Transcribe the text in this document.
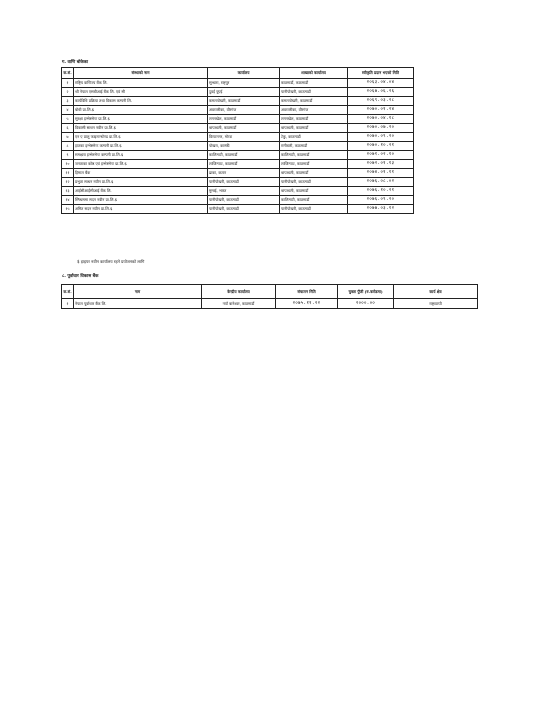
ग. वाणि बोकेका
क.सं.	संस्थाको नाम	कार्यालय	शाखाको कार्यालय	स्वीकृति प्रदान भएको मिति
१	राष्ट्रिय वाणिज्य बैंक लि.	सुन्धारा, राष्ट्रपुर	काठमाडौं, काठमाडौं	२०६३.०४.०४
२	श्री नेपाल एसबीआई बैंक लि. एवं सी	दुवई युएई	पानीपोखरी, काठमाडौं	२०६७.०६.२६
३	कार्यविधि प्रक्रिया तथा विकास कम्पनी लि.	कमलपोखरी, काठमाडौं	कमलपोखरी, काठमाडौं	२०६९.०३.२८
४	बोधी प्रा.लि.$	अवरतरीका, वीरगंज	अवरतरीका, वीरगंज	२०७०.०१.२४
५	सुरक्षा इन्भेष्टमेन्ट प्रा.लि.$	लगनखेल, काठमाडौं	लगनखेल, काठमाडौं	२०७०.०४.१८
६	विकासी साधन नवीन प्रा.लि.$	थापाथली, काठमाडौं	थापाथली, काठमाडौं	२०७०.०७.२०
७	एन ए प्रालु फाइनान्स्टेण्ड प्रा.लि.$	विराटनगर, मोरङ	टेकु, काठमाडौं	२०७०.०९.२०
८	हातका इन्भेष्टमेन्ट कम्पनी प्रा.लि.$	पोखरा, कास्की	रानीबारी, काठमाडौं	२०७०.१०.२१
९	समक्षता इन्भेष्टमेन्ट कम्पनी प्रा.लि.$	कालिमाटी, काठमाडौं	कालिमाटी, काठमाडौं	२०७१.०२.१०
१०	जनताका कोष्ठ एवं इन्भेष्टमेन्ट प्रा.लि.$	लाजिम्पाट, काठमाडौं	लाजिम्पाट, काठमाडौं	२०७२.०१.१३
११	हिमाल बैंक	ढाका, कतार	थापाथली, काठमाडौं	२०७४.०१.११
१२	प्रभुता साधन नवीन प्रा.लि.$	पानीपोखरी, काठमाडौं	पानीपोखरी, काठमाडौं	२०७६.०८.०२
१३	आईसीआईसीआई बैंक लि.	मुम्बई, भारत	थापाथली, काठमाडौं	२०७६.१०.२१
१४	स्मिथसमा सदन नवीन प्रा.लि.$	पानीपोखरी, काठमाडौं	कालिमाटी, काठमाडौं	२०७६.०९.२०
१५	अमित सदन नवीन प्रा.लि.$	पानीपोखरी, काठमाडौं	पानीपोखरी, काठमाडौं	२०७७.०३.१२
$ हाइपर नवीन कार्यालय रहने प्रयोजनको लागि
८. पूर्वाधार विकास बैंक
क.सं.	नाम	केन्द्रीय कार्यालय	संचालन मिति	चुक्ता पुँजी (रु.करोडमा)	कार्य क्षेत्र
१	नेपाल पूर्वाधार बैंक लि.	नयाँ बानेश्वर, काठमाडौं	२०७५.११.२२	२०००.००	राष्ट्रव्यापी
